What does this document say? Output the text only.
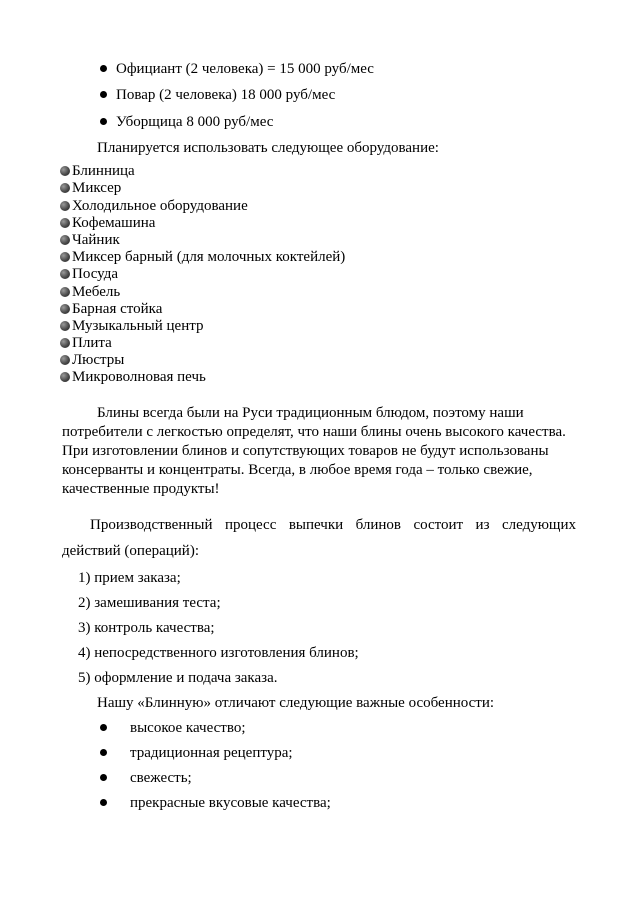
Официант (2 человека) = 15 000 руб/мес
Повар (2 человека) 18 000 руб/мес
Уборщица 8 000 руб/мес
Планируется использовать следующее оборудование:
Блинница
Миксер
Холодильное оборудование
Кофемашина
Чайник
Миксер барный (для молочных коктейлей)
Посуда
Мебель
Барная стойка
Музыкальный центр
Плита
Люстры
Микроволновая печь
Блины всегда были на Руси традиционным блюдом, поэтому наши
потребители с легкостью определят, что наши блины очень высокого качества.
При изготовлении блинов и сопутствующих товаров не будут использованы
консерванты и концентраты. Всегда, в любое время года – только свежие,
качественные продукты!
Производственный процесс выпечки блинов состоит из следующих
действий (операций):
1) прием заказа;
2) замешивания теста;
3) контроль качества;
4) непосредственного изготовления блинов;
5) оформление и подача заказа.
Нашу «Блинную» отличают следующие важные особенности:
высокое качество;
традиционная рецептура;
свежесть;
прекрасные вкусовые качества;
